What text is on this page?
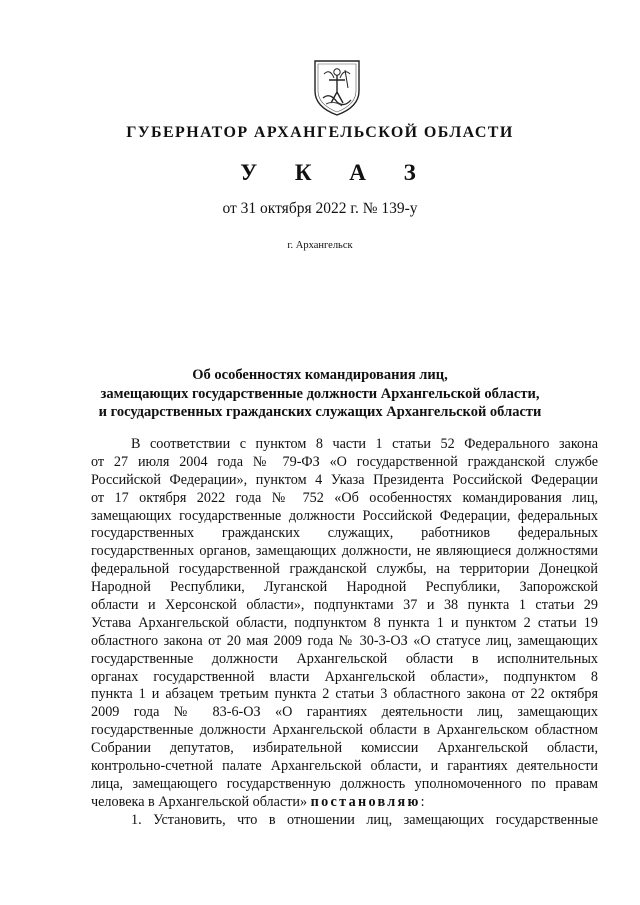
ГУБЕРНАТОР АРХАНГЕЛЬСКОЙ ОБЛАСТИ
У К А З
от 31 октября 2022 г. № 139-у
г. Архангельск
Об особенностях командирования лиц,
замещающих государственные должности Архангельской области,
и государственных гражданских служащих Архангельской области
В соответствии с пунктом 8 части 1 статьи 52 Федерального закона
от 27 июля 2004 года № 79-ФЗ «О государственной гражданской службе
Российской Федерации», пунктом 4 Указа Президента Российской Федерации
от 17 октября 2022 года № 752 «Об особенностях командирования лиц,
замещающих государственные должности Российской Федерации, федеральных
государственных гражданских служащих, работников федеральных
государственных органов, замещающих должности, не являющиеся должностями
федеральной государственной гражданской службы, на территории Донецкой
Народной Республики, Луганской Народной Республики, Запорожской
области и Херсонской области», подпунктами 37 и 38 пункта 1 статьи 29
Устава Архангельской области, подпунктом 8 пункта 1 и пунктом 2 статьи 19
областного закона от 20 мая 2009 года № 30-3-ОЗ «О статусе лиц, замещающих
государственные должности Архангельской области в исполнительных
органах государственной власти Архангельской области», подпунктом 8
пункта 1 и абзацем третьим пункта 2 статьи 3 областного закона от 22 октября
2009 года № 83-6-ОЗ «О гарантиях деятельности лиц, замещающих
государственные должности Архангельской области в Архангельском областном
Собрании депутатов, избирательной комиссии Архангельской области,
контрольно-счетной палате Архангельской области, и гарантиях деятельности
лица, замещающего государственную должность уполномоченного по правам
человека в Архангельской области» постановляю:
1. Установить, что в отношении лиц, замещающих государственные
